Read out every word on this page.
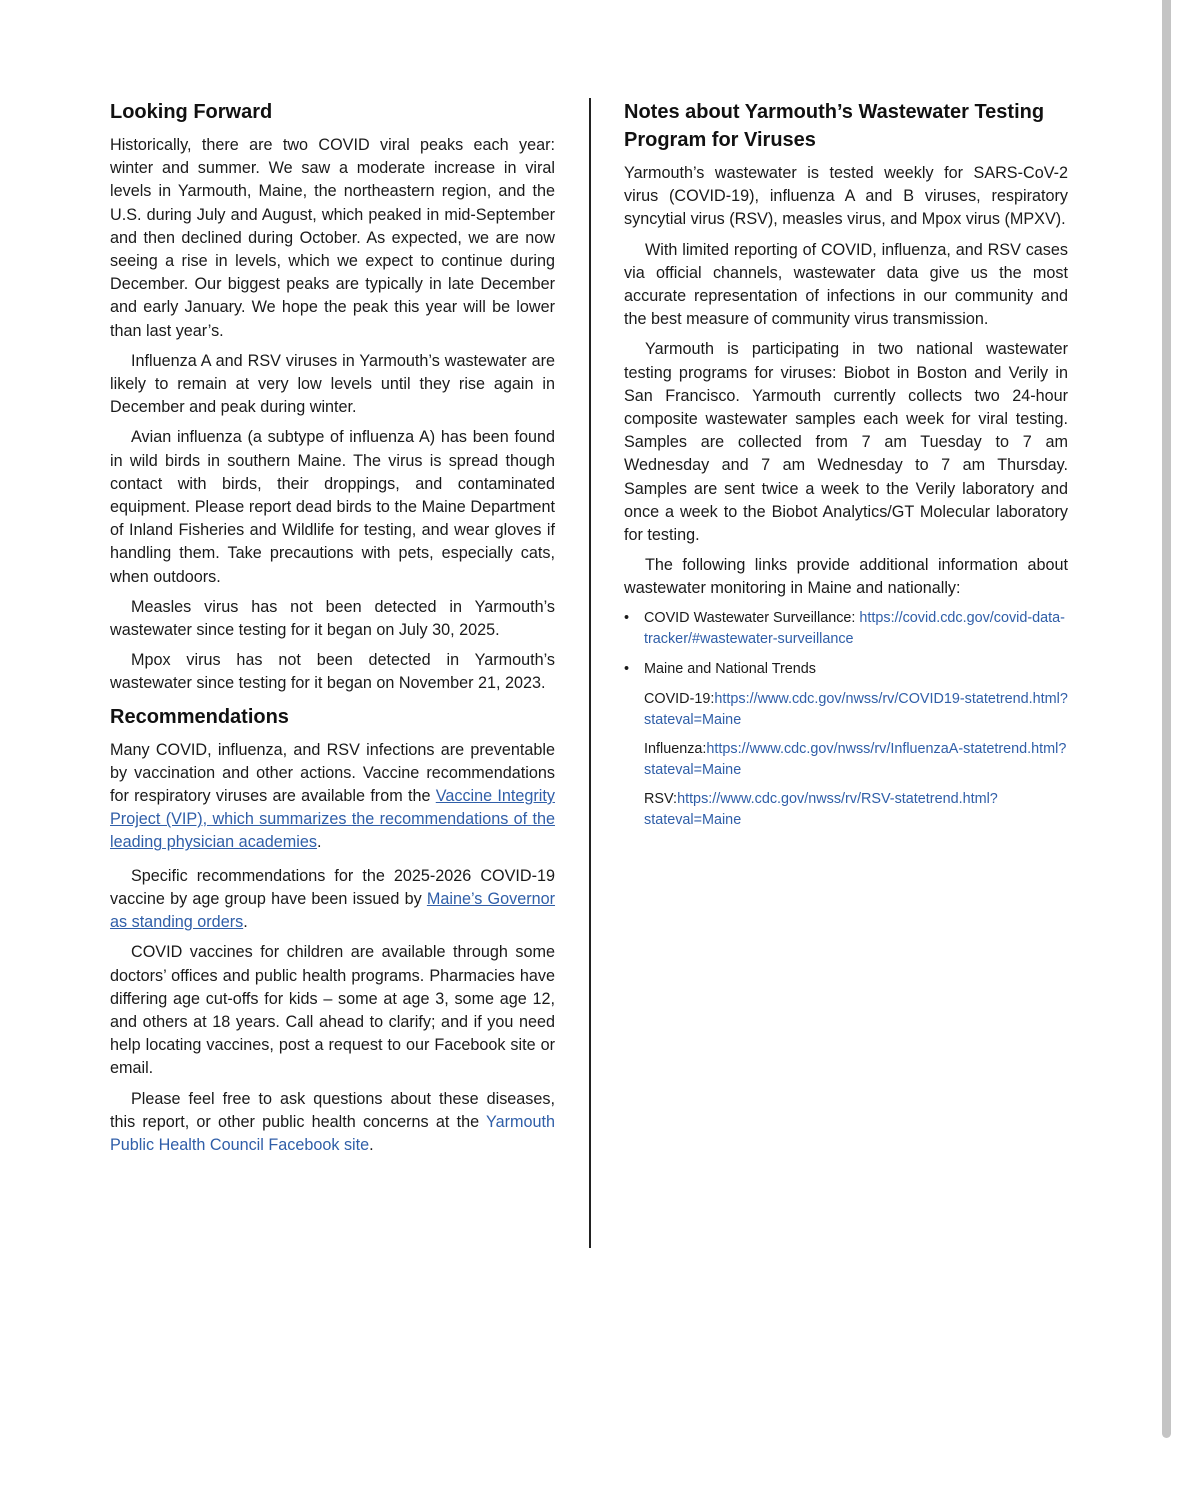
Looking Forward

Historically, there are two COVID viral peaks each year: winter and summer. We saw a moderate increase in viral levels in Yarmouth, Maine, the northeastern region, and the U.S. during July and August, which peaked in mid-September and then declined during October. As expected, we are now seeing a rise in levels, which we expect to continue during December. Our biggest peaks are typically in late December and early January. We hope the peak this year will be lower than last year’s.

Influenza A and RSV viruses in Yarmouth’s wastewater are likely to remain at very low levels until they rise again in December and peak during winter.

Avian influenza (a subtype of influenza A) has been found in wild birds in southern Maine. The virus is spread though contact with birds, their droppings, and contaminated equipment. Please report dead birds to the Maine Department of Inland Fisheries and Wildlife for testing, and wear gloves if handling them. Take precautions with pets, especially cats, when outdoors.

Measles virus has not been detected in Yarmouth’s wastewater since testing for it began on July 30, 2025.

Mpox virus has not been detected in Yarmouth’s wastewater since testing for it began on November 21, 2023.

Recommendations

Many COVID, influenza, and RSV infections are preventable by vaccination and other actions. Vaccine recommendations for respiratory viruses are available from the Vaccine Integrity Project (VIP), which summarizes the recommendations of the leading physician academies.

Specific recommendations for the 2025-2026 COVID-19 vaccine by age group have been issued by Maine’s Governor as standing orders.

COVID vaccines for children are available through some doctors’ offices and public health programs. Pharmacies have differing age cut-offs for kids – some at age 3, some age 12, and others at 18 years. Call ahead to clarify; and if you need help locating vaccines, post a request to our Facebook site or email.

Please feel free to ask questions about these diseases, this report, or other public health concerns at the Yarmouth Public Health Council Facebook site.

Notes about Yarmouth’s Wastewater Testing Program for Viruses

Yarmouth’s wastewater is tested weekly for SARS-CoV-2 virus (COVID-19), influenza A and B viruses, respiratory syncytial virus (RSV), measles virus, and Mpox virus (MPXV).

With limited reporting of COVID, influenza, and RSV cases via official channels, wastewater data give us the most accurate representation of infections in our community and the best measure of community virus transmission.

Yarmouth is participating in two national wastewater testing programs for viruses: Biobot in Boston and Verily in San Francisco. Yarmouth currently collects two 24-hour composite wastewater samples each week for viral testing. Samples are collected from 7 am Tuesday to 7 am Wednesday and 7 am Wednesday to 7 am Thursday. Samples are sent twice a week to the Verily laboratory and once a week to the Biobot Analytics/GT Molecular laboratory for testing.

The following links provide additional information about wastewater monitoring in Maine and nationally:

• COVID Wastewater Surveillance: https://covid.cdc.gov/covid-data-tracker/#wastewater-surveillance
• Maine and National Trends

COVID-19:https://www.cdc.gov/nwss/rv/COVID19-statetrend.html?stateval=Maine

Influenza:https://www.cdc.gov/nwss/rv/InfluenzaA-statetrend.html?stateval=Maine

RSV:https://www.cdc.gov/nwss/rv/RSV-statetrend.html?stateval=Maine
